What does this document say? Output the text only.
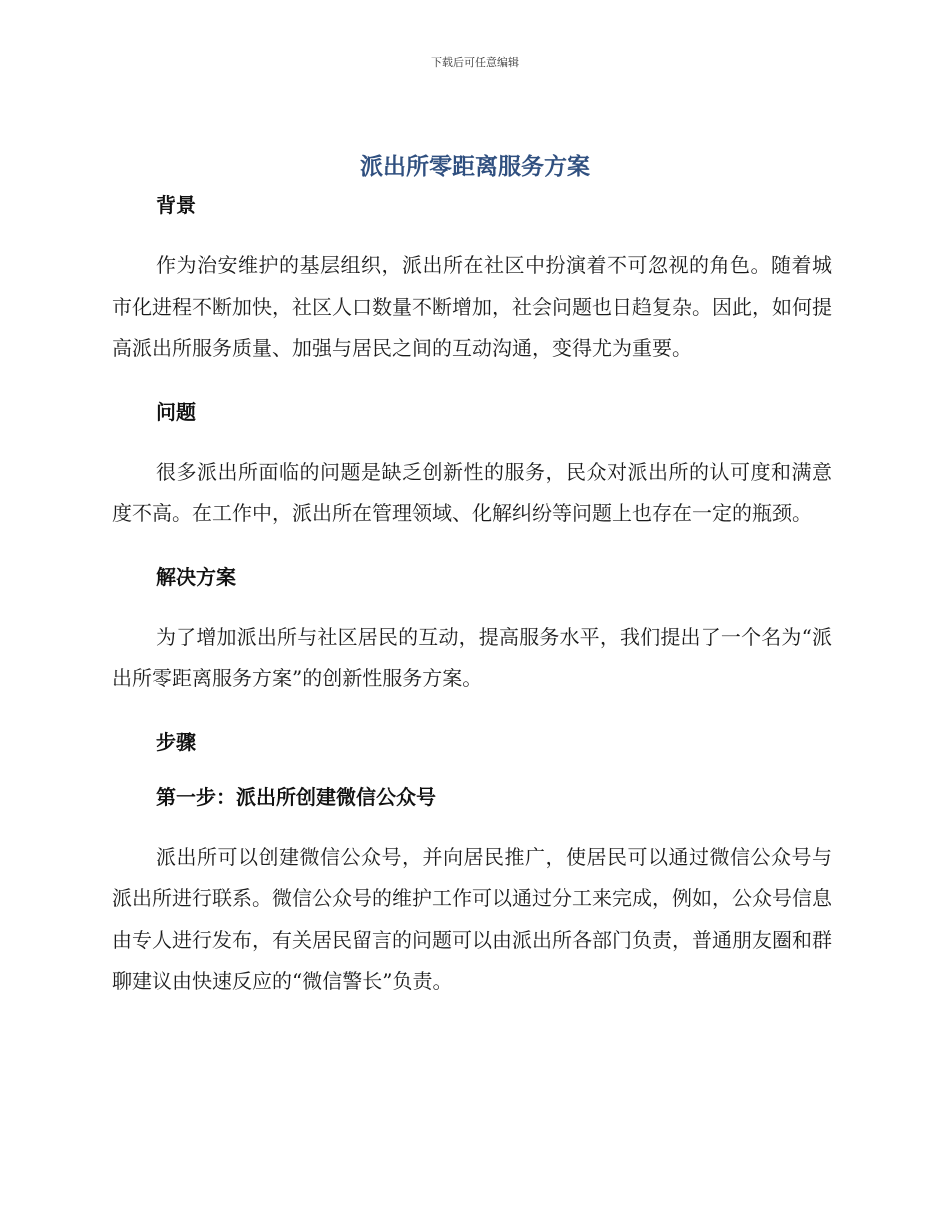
下载后可任意编辑
派出所零距离服务方案
背景

作为治安维护的基层组织，派出所在社区中扮演着不可忽视的角色。随着城市化进程不断加快，社区人口数量不断增加，社会问题也日趋复杂。因此，如何提高派出所服务质量、加强与居民之间的互动沟通，变得尤为重要。

问题

很多派出所面临的问题是缺乏创新性的服务，民众对派出所的认可度和满意度不高。在工作中，派出所在管理领域、化解纠纷等问题上也存在一定的瓶颈。

解决方案

为了增加派出所与社区居民的互动，提高服务水平，我们提出了一个名为“派出所零距离服务方案”的创新性服务方案。

步骤
第一步：派出所创建微信公众号

派出所可以创建微信公众号，并向居民推广，使居民可以通过微信公众号与派出所进行联系。微信公众号的维护工作可以通过分工来完成，例如，公众号信息由专人进行发布，有关居民留言的问题可以由派出所各部门负责，普通朋友圈和群聊建议由快速反应的“微信警长”负责。
